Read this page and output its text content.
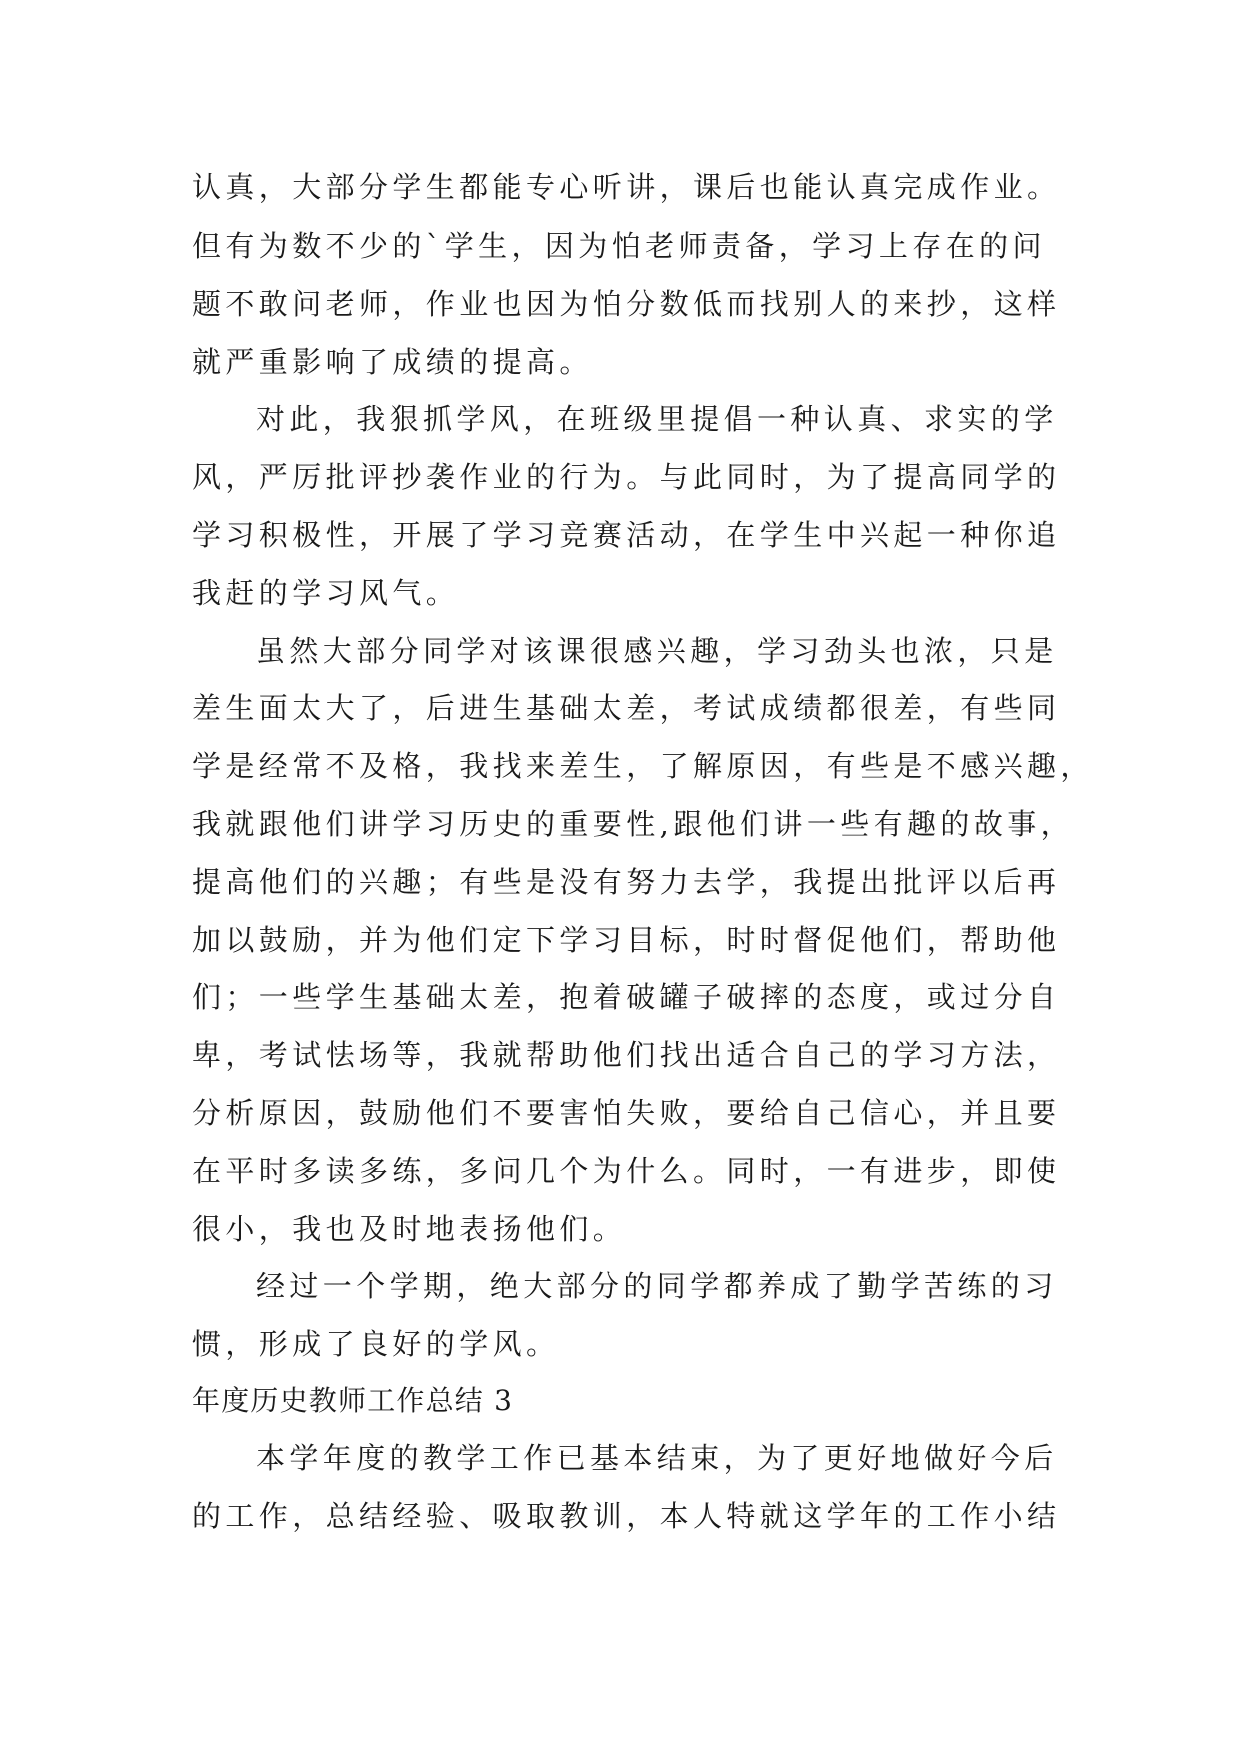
认真，大部分学生都能专心听讲，课后也能认真完成作业。
但有为数不少的`学生，因为怕老师责备，学习上存在的问
题不敢问老师，作业也因为怕分数低而找别人的来抄，这样
就严重影响了成绩的提高。
对此，我狠抓学风，在班级里提倡一种认真、求实的学
风，严厉批评抄袭作业的行为。与此同时，为了提高同学的
学习积极性，开展了学习竞赛活动，在学生中兴起一种你追
我赶的学习风气。
虽然大部分同学对该课很感兴趣，学习劲头也浓，只是
差生面太大了，后进生基础太差，考试成绩都很差，有些同
学是经常不及格，我找来差生，了解原因，有些是不感兴趣，
我就跟他们讲学习历史的重要性,跟他们讲一些有趣的故事，
提高他们的兴趣；有些是没有努力去学，我提出批评以后再
加以鼓励，并为他们定下学习目标，时时督促他们，帮助他
们；一些学生基础太差，抱着破罐子破摔的态度，或过分自
卑，考试怯场等，我就帮助他们找出适合自己的学习方法，
分析原因，鼓励他们不要害怕失败，要给自己信心，并且要
在平时多读多练，多问几个为什么。同时，一有进步，即使
很小，我也及时地表扬他们。
经过一个学期，绝大部分的同学都养成了勤学苦练的习
惯，形成了良好的学风。
年度历史教师工作总结 3
本学年度的教学工作已基本结束，为了更好地做好今后
的工作，总结经验、吸取教训，本人特就这学年的工作小结
